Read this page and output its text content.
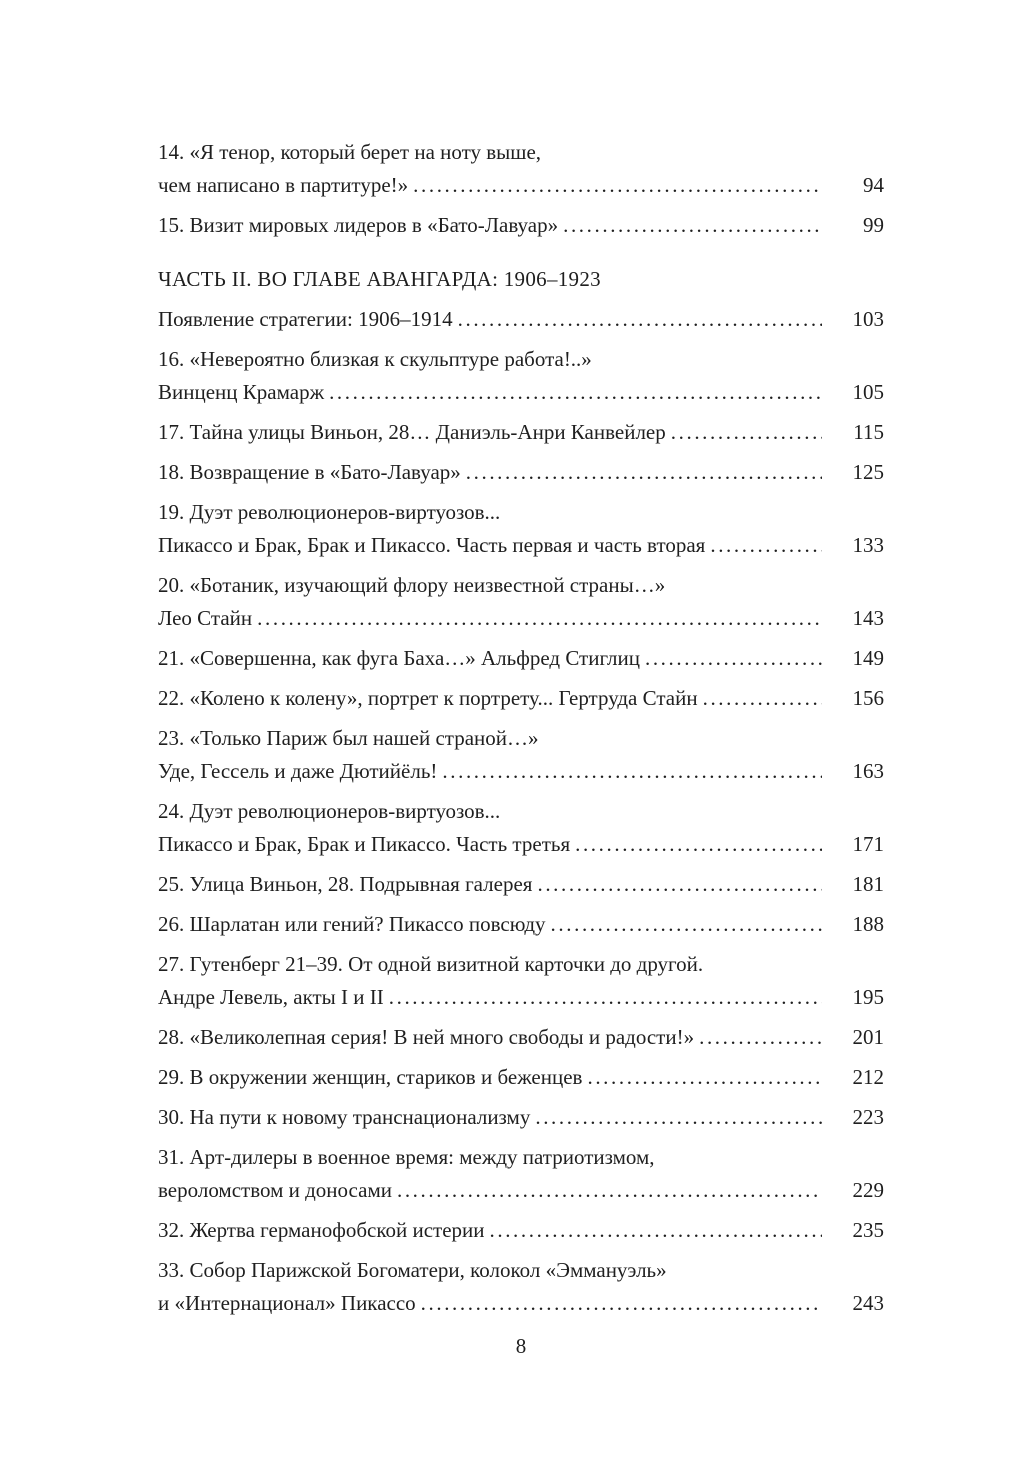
14. «Я тенор, который берет на ноту выше,
чем написано в партитуре!» .....	94
15. Визит мировых лидеров в «Бато-Лавуар» .....	99
ЧАСТЬ II. ВО ГЛАВЕ АВАНГАРДА: 1906–1923
Появление стратегии: 1906–1914 .....	103
16. «Невероятно близкая к скульптуре работа!..»
Винценц Крамарж .....	105
17. Тайна улицы Виньон, 28… Даниэль-Анри Канвейлер .....	115
18. Возвращение в «Бато-Лавуар» .....	125
19. Дуэт революционеров-виртуозов...
Пикассо и Брак, Брак и Пикассо. Часть первая и часть вторая .....	133
20. «Ботаник, изучающий флору неизвестной страны…»
Лео Стайн .....	143
21. «Совершенна, как фуга Баха…» Альфред Стиглиц .....	149
22. «Колено к колену», портрет к портрету... Гертруда Стайн .....	156
23. «Только Париж был нашей страной…»
Уде, Гессель и даже Дютийёль! .....	163
24. Дуэт революционеров-виртуозов...
Пикассо и Брак, Брак и Пикассо. Часть третья .....	171
25. Улица Виньон, 28. Подрывная галерея .....	181
26. Шарлатан или гений? Пикассо повсюду .....	188
27. Гутенберг 21–39. От одной визитной карточки до другой.
Андре Левель, акты I и II .....	195
28. «Великолепная серия! В ней много свободы и радости!» .....	201
29. В окружении женщин, стариков и беженцев .....	212
30. На пути к новому транснационализму .....	223
31. Арт-дилеры в военное время: между патриотизмом,
вероломством и доносами .....	229
32. Жертва германофобской истерии .....	235
33. Собор Парижской Богоматери, колокол «Эммануэль»
и «Интернационал» Пикассо .....	243
8
